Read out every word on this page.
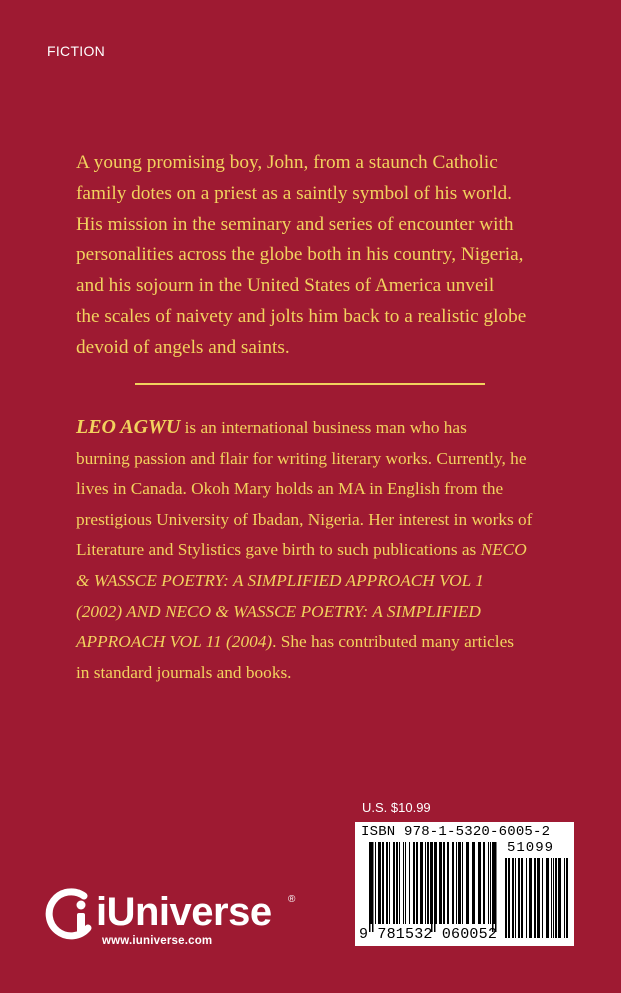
FICTION

A young promising boy, John, from a staunch Catholic
family dotes on a priest as a saintly symbol of his world.
His mission in the seminary and series of encounter with
personalities across the globe both in his country, Nigeria,
and his sojourn in the United States of America unveil
the scales of naivety and jolts him back to a realistic globe
devoid of angels and saints.

LEO AGWU is an international business man who has
burning passion and flair for writing literary works. Currently, he
lives in Canada. Okoh Mary holds an MA in English from the
prestigious University of Ibadan, Nigeria. Her interest in works of
Literature and Stylistics gave birth to such publications as NECO
& WASSCE POETRY: A SIMPLIFIED APPROACH VOL 1
(2002) AND NECO & WASSCE POETRY: A SIMPLIFIED
APPROACH VOL 11 (2004). She has contributed many articles
in standard journals and books.

U.S. $10.99
ISBN 978-1-5320-6005-2
51099
9 781532 060052
iUniverse ®
www.iuniverse.com
